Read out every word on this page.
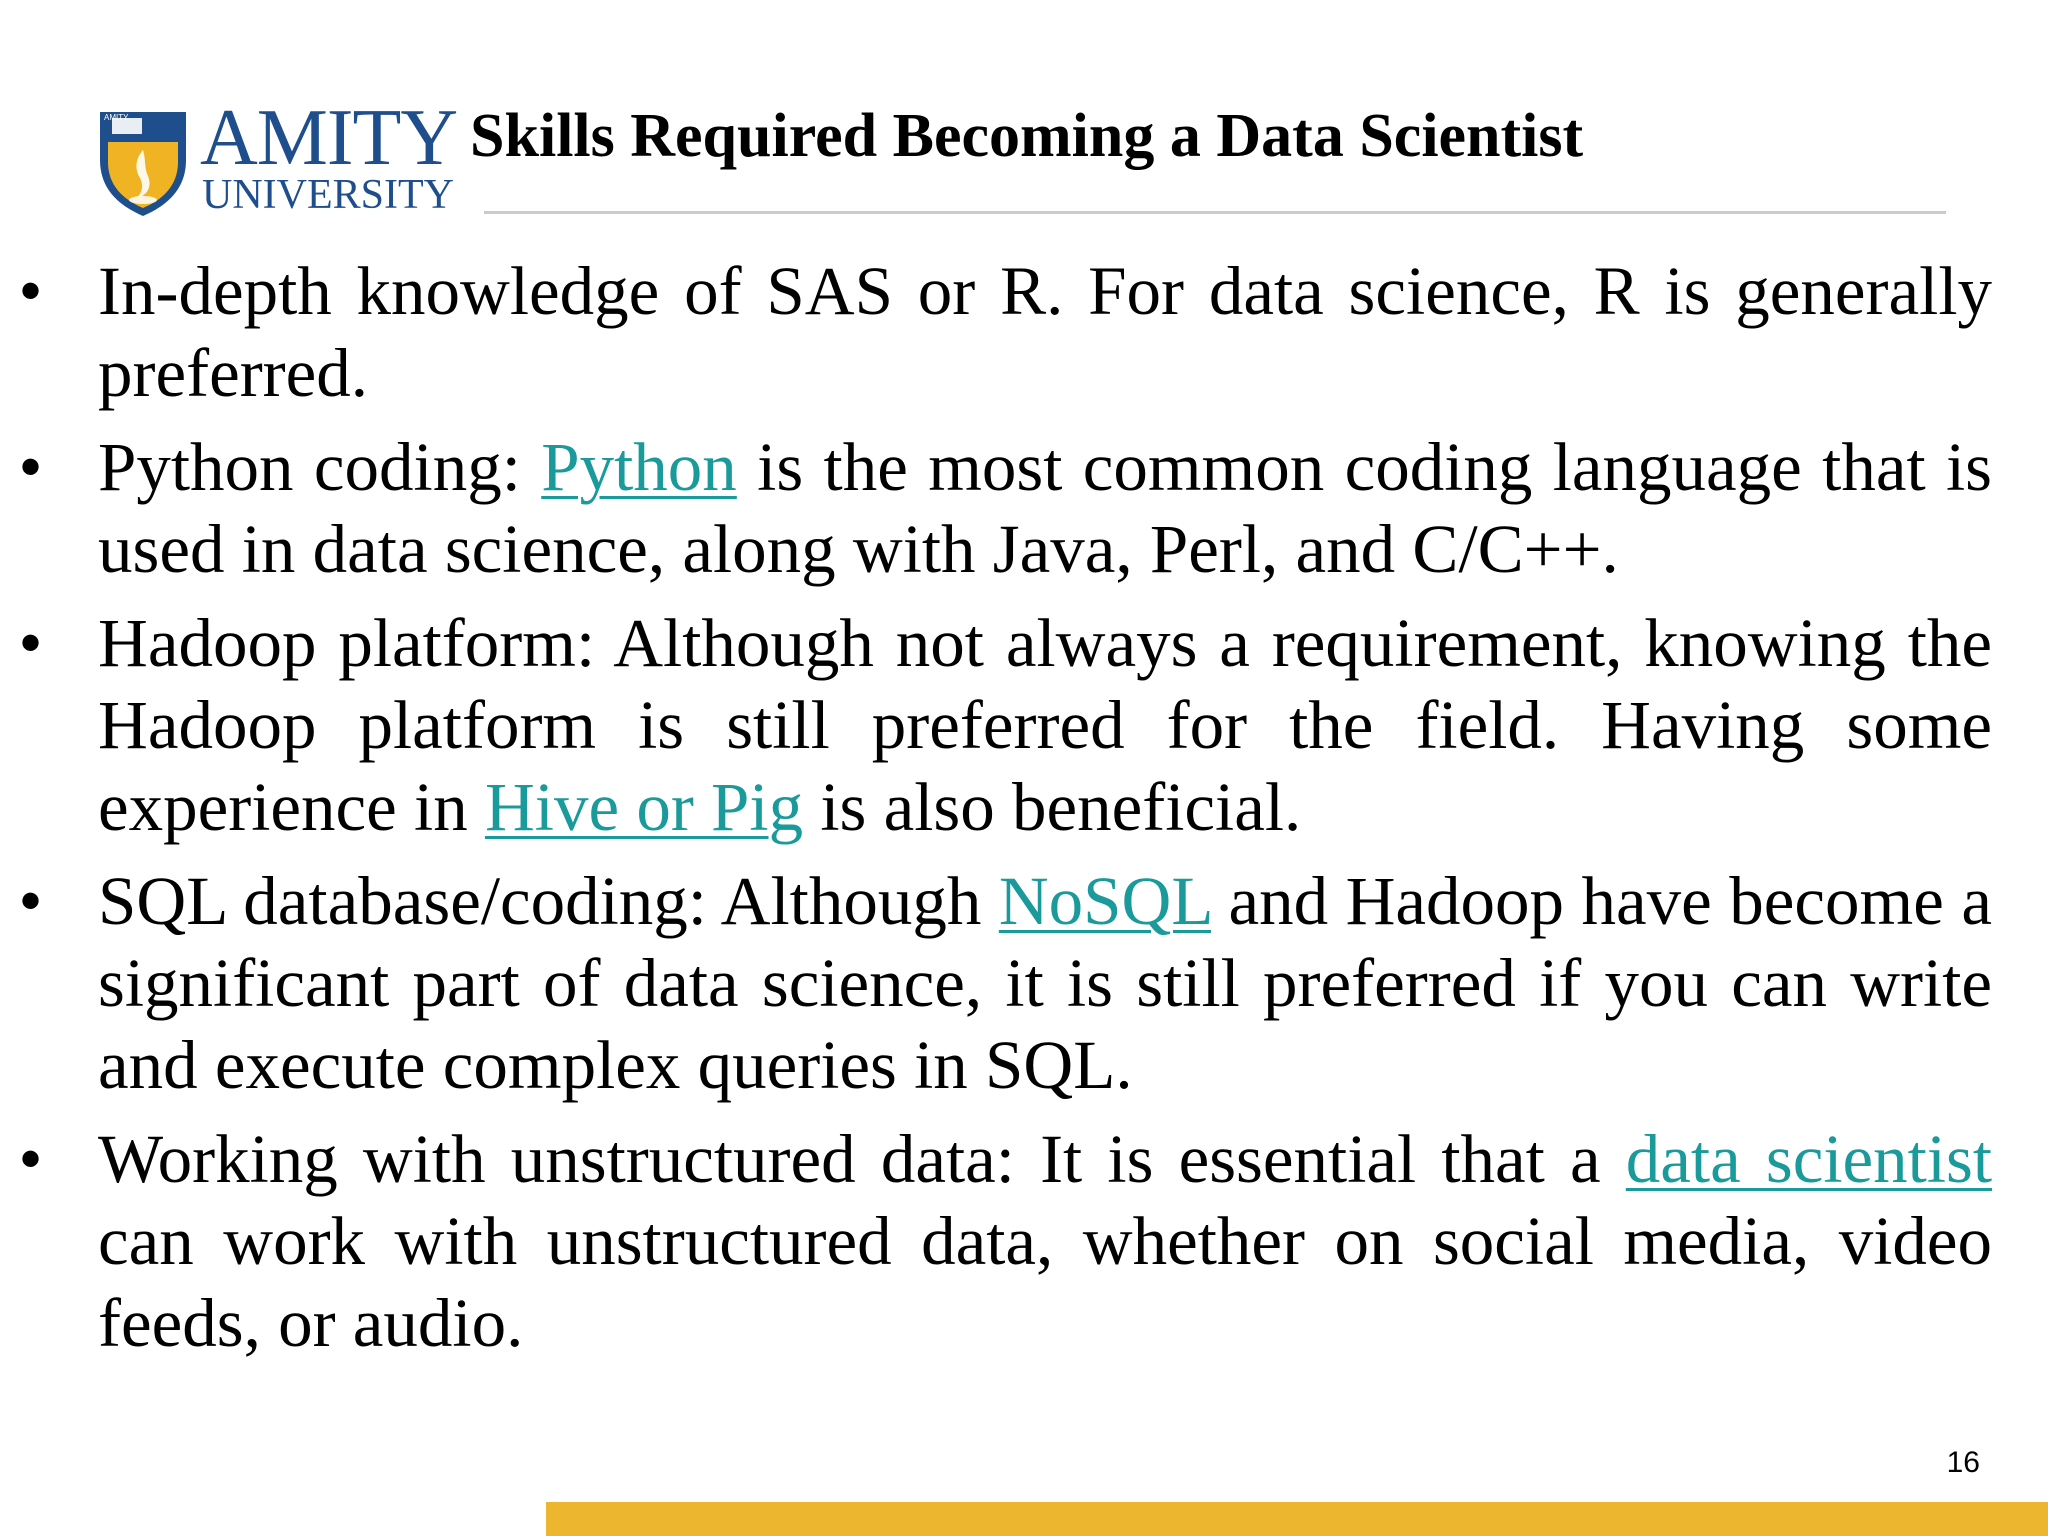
AMITY AMITY
UNIVERSITY
Skills Required Becoming a Data Scientist
• In-depth knowledge of SAS or R. For data science, R is generally preferred.
• Python coding: Python is the most common coding language that is used in data science, along with Java, Perl, and C/C++.
• Hadoop platform: Although not always a requirement, knowing the Hadoop platform is still preferred for the field. Having some experience in Hive or Pig is also beneficial.
• SQL database/coding: Although NoSQL and Hadoop have become a significant part of data science, it is still preferred if you can write and execute complex queries in SQL.
• Working with unstructured data: It is essential that a data scientist can work with unstructured data, whether on social media, video feeds, or audio.
16
